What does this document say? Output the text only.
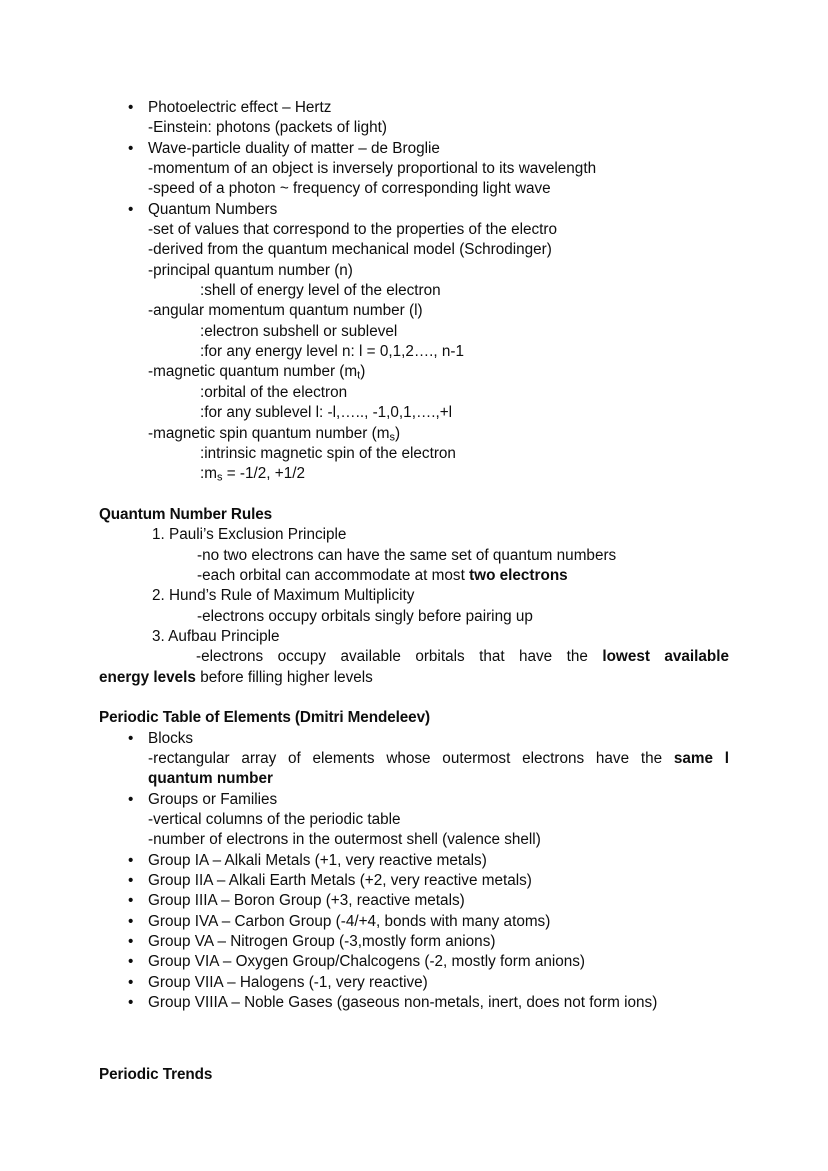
• Photoelectric effect – Hertz
-Einstein: photons (packets of light)
• Wave-particle duality of matter – de Broglie
-momentum of an object is inversely proportional to its wavelength
-speed of a photon ~ frequency of corresponding light wave
• Quantum Numbers
-set of values that correspond to the properties of the electro
-derived from the quantum mechanical model (Schrodinger)
-principal quantum number (n)
:shell of energy level of the electron
-angular momentum quantum number (l)
:electron subshell or sublevel
:for any energy level n: l = 0,1,2…., n-1
-magnetic quantum number $(m_t)$
:orbital of the electron
:for any sublevel l: -l,….., -1,0,1,….,+l
-magnetic spin quantum number $(m_s)$
:intrinsic magnetic spin of the electron
$:m_s = -1/2$, +1/2
Quantum Number Rules
1. Pauli’s Exclusion Principle
-no two electrons can have the same set of quantum numbers
-each orbital can accommodate at most two electrons
2. Hund’s Rule of Maximum Multiplicity
-electrons occupy orbitals singly before pairing up
3. Aufbau Principle
-electrons occupy available orbitals that have the lowest available energy levels before filling higher levels
Periodic Table of Elements (Dmitri Mendeleev)
• Blocks
-rectangular array of elements whose outermost electrons have the same l quantum number
• Groups or Families
-vertical columns of the periodic table
-number of electrons in the outermost shell (valence shell)
• Group IA – Alkali Metals (+1, very reactive metals)
• Group IIA – Alkali Earth Metals (+2, very reactive metals)
• Group IIIA – Boron Group (+3, reactive metals)
• Group IVA – Carbon Group (-4/+4, bonds with many atoms)
• Group VA – Nitrogen Group (-3,mostly form anions)
• Group VIA – Oxygen Group/Chalcogens (-2, mostly form anions)
• Group VIIA – Halogens (-1, very reactive)
• Group VIIIA – Noble Gases (gaseous non-metals, inert, does not form ions)
Periodic Trends
